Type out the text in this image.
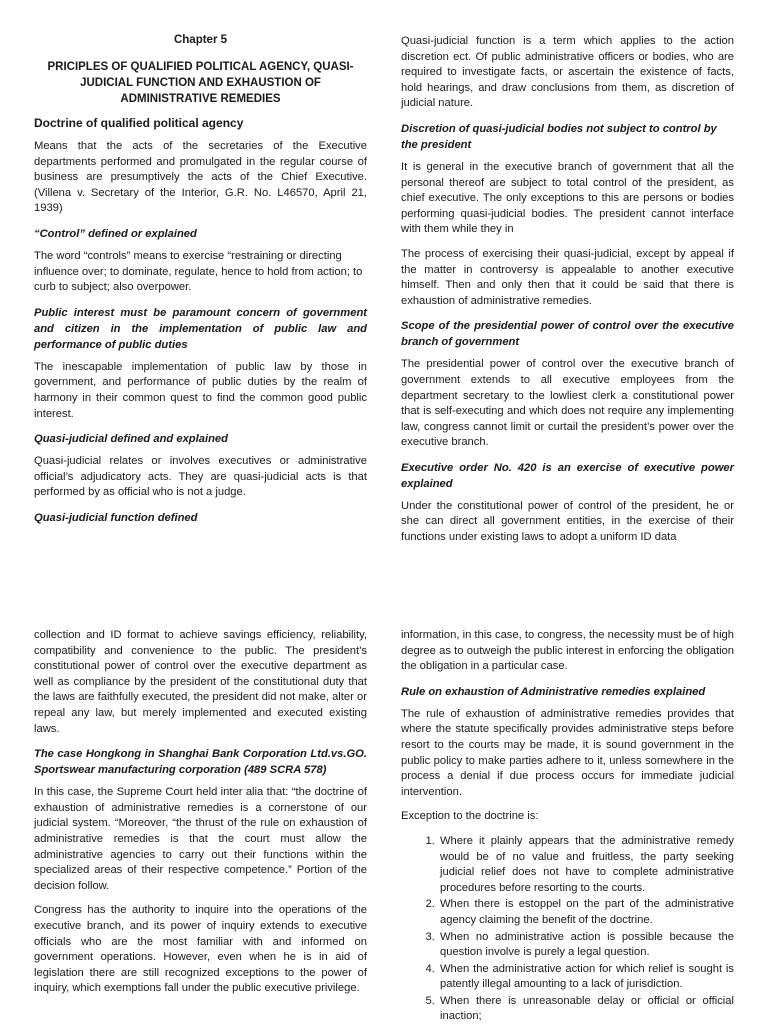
Chapter 5
PRICIPLES OF QUALIFIED POLITICAL AGENCY, QUASI-JUDICIAL FUNCTION AND EXHAUSTION OF ADMINISTRATIVE REMEDIES
Doctrine of qualified political agency

Means that the acts of the secretaries of the Executive departments performed and promulgated in the regular course of business are presumptively the acts of the Chief Executive. (Villena v. Secretary of the Interior, G.R. No. L46570, April 21, 1939)

“Control” defined or explained

The word “controls” means to exercise “restraining or directing influence over; to dominate, regulate, hence to hold from action; to curb to subject; also overpower.

Public interest must be paramount concern of government and citizen in the implementation of public law and performance of public duties

The inescapable implementation of public law by those in government, and performance of public duties by the realm of harmony in their common quest to find the common good public interest.

Quasi-judicial defined and explained

Quasi-judicial relates or involves executives or administrative official’s adjudicatory acts. They are quasi-judicial acts is that performed by as official who is not a judge.

Quasi-judicial function defined

Quasi-judicial function is a term which applies to the action discretion ect. Of public administrative officers or bodies, who are required to investigate facts, or ascertain the existence of facts, hold hearings, and draw conclusions from them, as discretion of judicial nature.

Discretion of quasi-judicial bodies not subject to control by the president

It is general in the executive branch of government that all the personal thereof are subject to total control of the president, as chief executive. The only exceptions to this are persons or bodies performing quasi-judicial bodies. The president cannot interface with them while they in

The process of exercising their quasi-judicial, except by appeal if the matter in controversy is appealable to another executive himself. Then and only then that it could be said that there is exhaustion of administrative remedies.

Scope of the presidential power of control over the executive branch of government

The presidential power of control over the executive branch of government extends to all executive employees from the department secretary to the lowliest clerk a constitutional power that is self-executing and which does not require any implementing law, congress cannot limit or curtail the president’s power over the executive branch.

Executive order No. 420 is an exercise of executive power explained

Under the constitutional power of control of the president, he or she can direct all government entities, in the exercise of their functions under existing laws to adopt a uniform ID data

collection and ID format to achieve savings efficiency, reliability, compatibility and convenience to the public. The president’s constitutional power of control over the executive department as well as compliance by the president of the constitutional duty that the laws are faithfully executed, the president did not make, alter or repeal any law, but merely implemented and executed existing laws.

The case Hongkong in Shanghai Bank Corporation Ltd.vs.GO. Sportswear manufacturing corporation (489 SCRA 578)

In this case, the Supreme Court held inter alia that: “the doctrine of exhaustion of administrative remedies is a cornerstone of our judicial system. “Moreover, “the thrust of the rule on exhaustion of administrative remedies is that the court must allow the administrative agencies to carry out their functions within the specialized areas of their respective competence.” Portion of the decision follow.

Congress has the authority to inquire into the operations of the executive branch, and its power of inquiry extends to executive officials who are the most familiar with and informed on government operations. However, even when he is in aid of legislation there are still recognized exceptions to the power of inquiry, which exemptions fall under the public executive privilege.

information, in this case, to congress, the necessity must be of high degree as to outweigh the public interest in enforcing the obligation the obligation in a particular case.

Rule on exhaustion of Administrative remedies explained

The rule of exhaustion of administrative remedies provides that where the statute specifically provides administrative steps before resort to the courts may be made, it is sound government in the public policy to make parties adhere to it, unless somewhere in the process a denial if due process occurs for immediate judicial intervention.

Exception to the doctrine is:

1. Where it plainly appears that the administrative remedy would be of no value and fruitless, the party seeking judicial relief does not have to complete administrative procedures before resorting to the courts.
2. When there is estoppel on the part of the administrative agency claiming the benefit of the doctrine.
3. When no administrative action is possible because the question involve is purely a legal question.
4. When the administrative action for which relief is sought is patently illegal amounting to a lack of jurisdiction.
5. When there is unreasonable delay or official or official inaction;
